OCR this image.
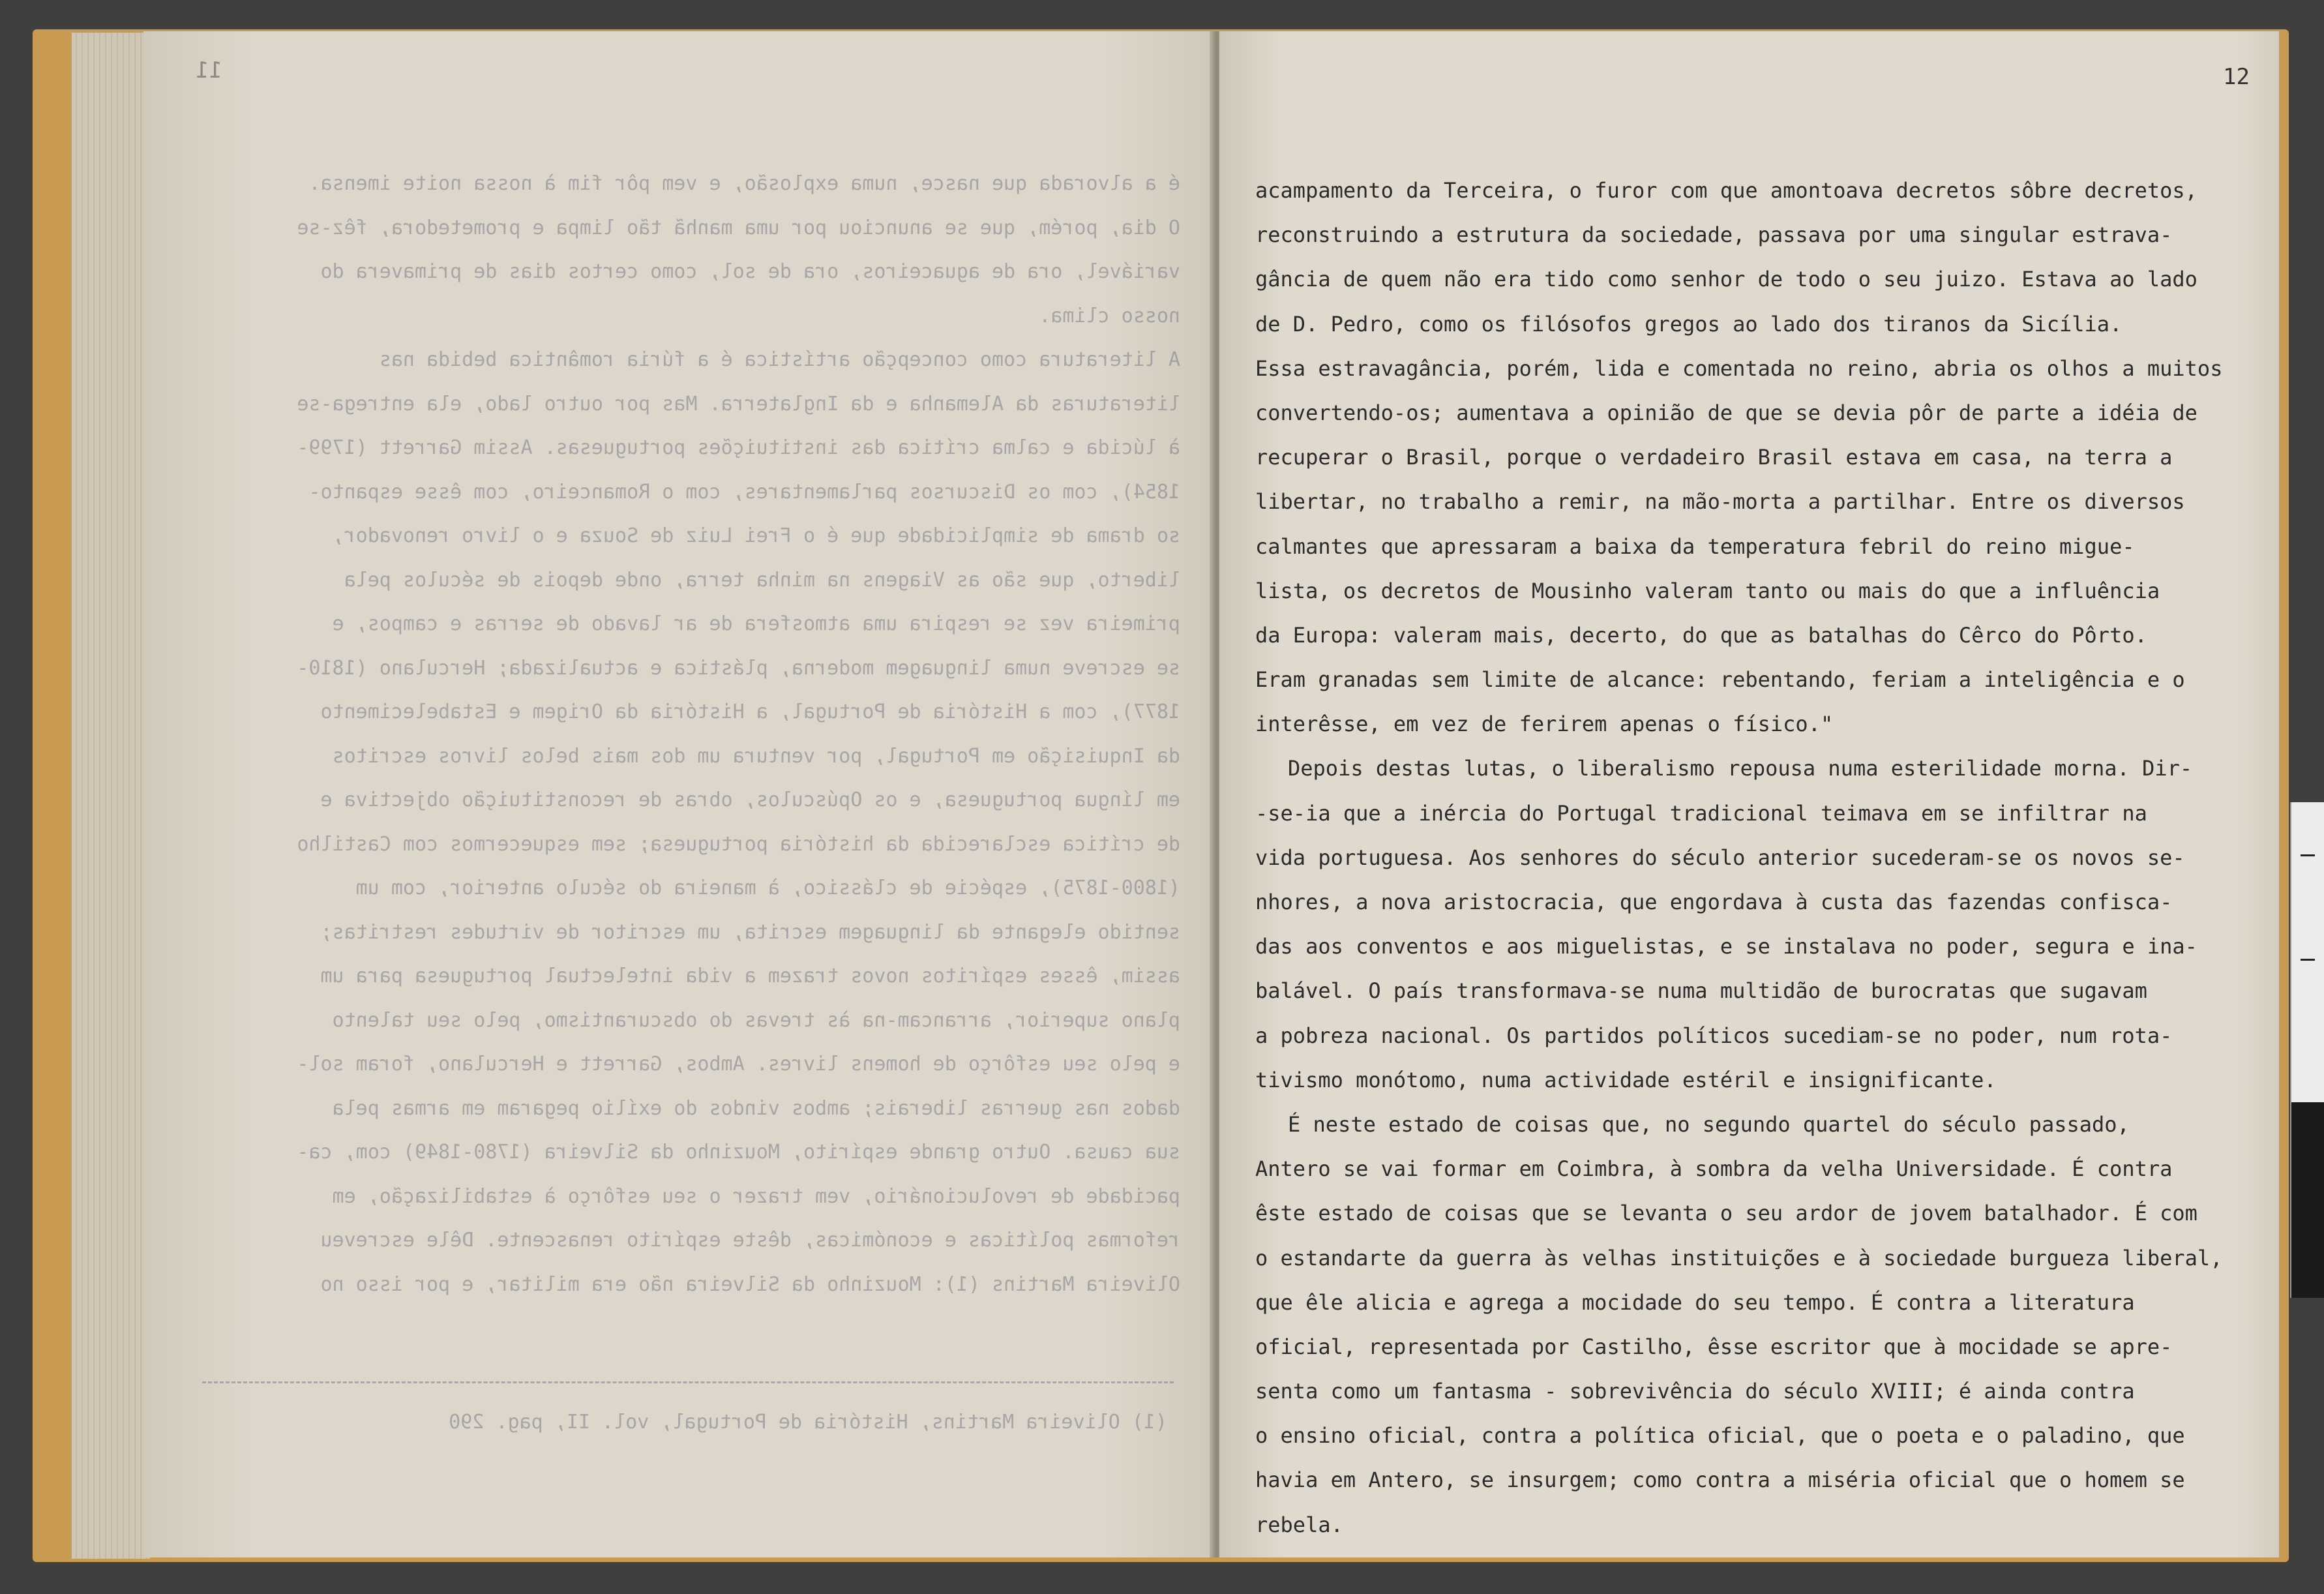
11

é a alvorada que nasce, numa explosão, e vem pôr fim à nossa noite imensa.

O dia, porém, que se anunciou por uma manhã tão limpa e prometedora, fêz-se

variável, ora de aguaceiros, ora de sol, como certos dias de primavera do

nosso clima.

A literatura como concepção artística é a fúria romântica bebida nas

literaturas da Alemanha e da Inglaterra. Mas por outro lado, ela entrega-se

à lúcida e calma crítica das instituições portuguesas. Assim Garrett (1799-

1854), com os Discursos parlamentares, com o Romanceiro, com êsse espanto-

so drama de simplicidade que é o Frei Luiz de Souza e o livro renovador,

liberto, que são as Viagens na minha terra, onde depois de séculos pela

primeira vez se respira uma atmosfera de ar lavado de serras e campos, e

se escreve numa linguagem moderna, plástica e actualizada; Herculano (1810-

1877), com a História de Portugal, a História da Origem e Estabelecimento

da Inquisição em Portugal, por ventura um dos mais belos livros escritos

em língua portuguesa, e os Opúsculos, obras de reconstituição objectiva e

de crítica esclarecida da história portuguesa; sem esquecermos com Castilho

(1800-1875), espécie de clássico, à maneira do século anterior, com um

sentido elegante da linguagem escrita, um escritor de virtudes restritas;

assim, êsses espíritos novos trazem a vida intelectual portuguesa para um

plano superior, arrancam-na às trevas do obscurantismo, pelo seu talento

e pelo seu esfôrço de homens livres. Ambos, Garrett e Herculano, foram sol-

dados nas guerras liberais; ambos vindos do exílio pegaram em armas pela

sua causa. Outro grande espírito, Mouzinho da Silveira (1780-1849) com, ca-

pacidade de revolucionário, vem trazer o seu esfôrço à estabilização, em

reformas políticas e económicas, dêste espírito renascente. Dêle escreveu

Oliveira Martins (1): Mouzinho da Silveira não era militar, e por isso no

(1) Oliveira Martins, História de Portugal, vol. II, pag. 290
12
acampamento da Terceira, o furor com que amontoava decretos sôbre decretos,
reconstruindo a estrutura da sociedade, passava por uma singular estrava-
gância de quem não era tido como senhor de todo o seu juizo. Estava ao lado
de D. Pedro, como os filósofos gregos ao lado dos tiranos da Sicília.
Essa estravagância, porém, lida e comentada no reino, abria os olhos a muitos
convertendo-os; aumentava a opinião de que se devia pôr de parte a idéia de
recuperar o Brasil, porque o verdadeiro Brasil estava em casa, na terra a
libertar, no trabalho a remir, na mão-morta a partilhar. Entre os diversos
calmantes que apressaram a baixa da temperatura febril do reino migue-
lista, os decretos de Mousinho valeram tanto ou mais do que a influência
da Europa: valeram mais, decerto, do que as batalhas do Cêrco do Pôrto.
Eram granadas sem limite de alcance: rebentando, feriam a inteligência e o
interêsse, em vez de ferirem apenas o físico."
Depois destas lutas, o liberalismo repousa numa esterilidade morna. Dir-
-se-ia que a inércia do Portugal tradicional teimava em se infiltrar na
vida portuguesa. Aos senhores do século anterior sucederam-se os novos se-
nhores, a nova aristocracia, que engordava à custa das fazendas confisca-
das aos conventos e aos miguelistas, e se instalava no poder, segura e ina-
balável. O país transformava-se numa multidão de burocratas que sugavam
a pobreza nacional. Os partidos políticos sucediam-se no poder, num rota-
tivismo monótomo, numa actividade estéril e insignificante.
É neste estado de coisas que, no segundo quartel do século passado,
Antero se vai formar em Coimbra, à sombra da velha Universidade. É contra
êste estado de coisas que se levanta o seu ardor de jovem batalhador. É com
o estandarte da guerra às velhas instituições e à sociedade burgueza liberal,
que êle alicia e agrega a mocidade do seu tempo. É contra a literatura
oficial, representada por Castilho, êsse escritor que à mocidade se apre-
senta como um fantasma - sobrevivência do século XVIII; é ainda contra
o ensino oficial, contra a política oficial, que o poeta e o paladino, que
havia em Antero, se insurgem; como contra a miséria oficial que o homem se
rebela.
